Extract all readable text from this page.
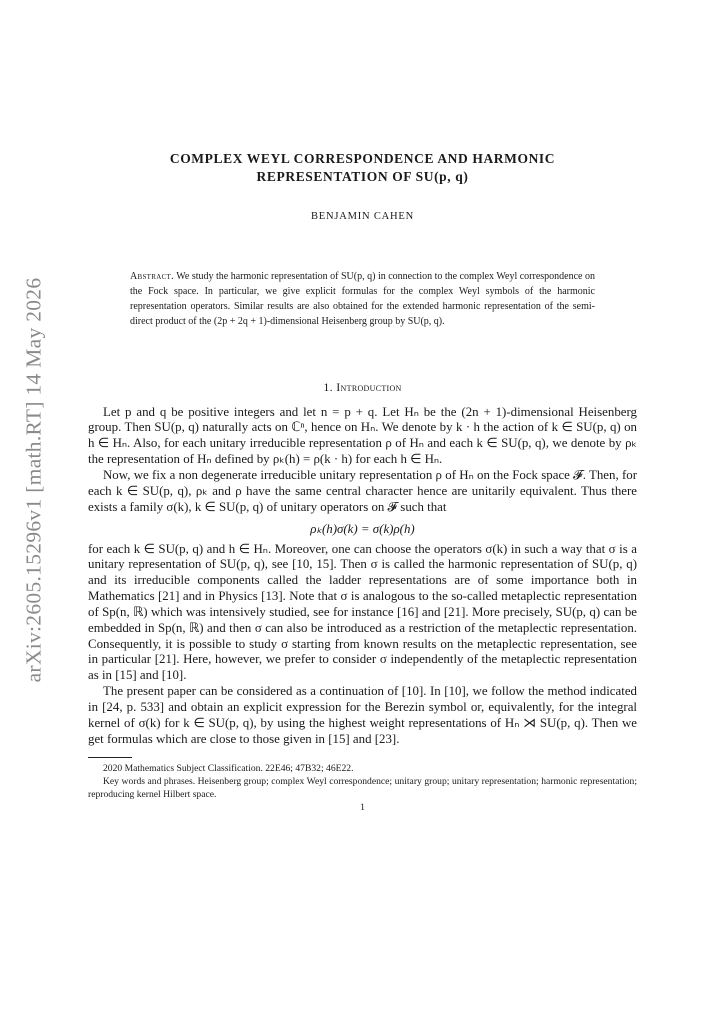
arXiv:2605.15296v1 [math.RT] 14 May 2026
COMPLEX WEYL CORRESPONDENCE AND HARMONIC
REPRESENTATION OF SU(p, q)
BENJAMIN CAHEN
Abstract. We study the harmonic representation of SU(p, q) in connection to the complex Weyl correspondence on the Fock space. In particular, we give explicit formulas for the complex Weyl symbols of the harmonic representation operators. Similar results are also obtained for the extended harmonic representation of the semi-direct product of the (2p + 2q + 1)-dimensional Heisenberg group by SU(p, q).
1. Introduction

Let p and q be positive integers and let n = p + q. Let Hₙ be the (2n + 1)-dimensional Heisenberg group. Then SU(p, q) naturally acts on ℂⁿ, hence on Hₙ. We denote by k · h the action of k ∈ SU(p, q) on h ∈ Hₙ. Also, for each unitary irreducible representation ρ of Hₙ and each k ∈ SU(p, q), we denote by ρₖ the representation of Hₙ defined by ρₖ(h) = ρ(k · h) for each h ∈ Hₙ.

Now, we fix a non degenerate irreducible unitary representation ρ of Hₙ on the Fock space 𝓕. Then, for each k ∈ SU(p, q), ρₖ and ρ have the same central character hence are unitarily equivalent. Thus there exists a family σ(k), k ∈ SU(p, q) of unitary operators on 𝓕 such that

ρₖ(h)σ(k) = σ(k)ρ(h)

for each k ∈ SU(p, q) and h ∈ Hₙ. Moreover, one can choose the operators σ(k) in such a way that σ is a unitary representation of SU(p, q), see [10, 15]. Then σ is called the harmonic representation of SU(p, q) and its irreducible components called the ladder representations are of some importance both in Mathematics [21] and in Physics [13]. Note that σ is analogous to the so-called metaplectic representation of Sp(n, ℝ) which was intensively studied, see for instance [16] and [21]. More precisely, SU(p, q) can be embedded in Sp(n, ℝ) and then σ can also be introduced as a restriction of the metaplectic representation. Consequently, it is possible to study σ starting from known results on the metaplectic representation, see in particular [21]. Here, however, we prefer to consider σ independently of the metaplectic representation as in [15] and [10].

The present paper can be considered as a continuation of [10]. In [10], we follow the method indicated in [24, p. 533] and obtain an explicit expression for the Berezin symbol or, equivalently, for the integral kernel of σ(k) for k ∈ SU(p, q), by using the highest weight representations of Hₙ ⋊ SU(p, q). Then we get formulas which are close to those given in [15] and [23].

2020 Mathematics Subject Classification. 22E46; 47B32; 46E22.

Key words and phrases. Heisenberg group; complex Weyl correspondence; unitary group; unitary representation; harmonic representation; reproducing kernel Hilbert space.

1
